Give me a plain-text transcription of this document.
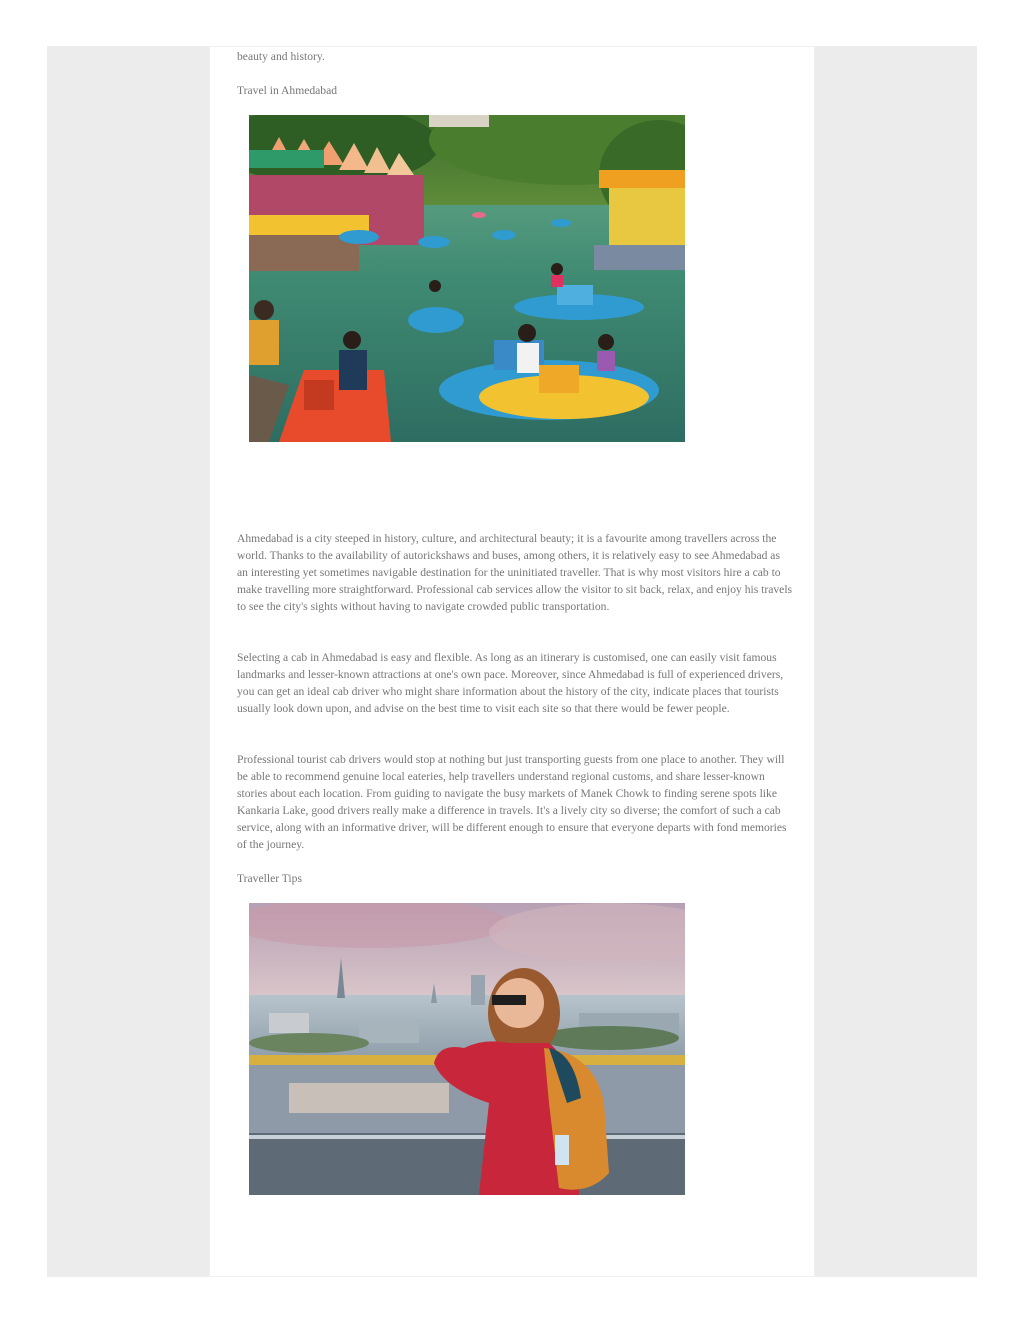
beauty and history.

Travel in Ahmedabad

Ahmedabad is a city steeped in history, culture, and architectural beauty; it is a favourite among travellers across the world. Thanks to the availability of autorickshaws and buses, among others, it is relatively easy to see Ahmedabad as an interesting yet sometimes navigable destination for the uninitiated traveller. That is why most visitors hire a cab to make travelling more straightforward. Professional cab services allow the visitor to sit back, relax, and enjoy his travels to see the city's sights without having to navigate crowded public transportation.

Selecting a cab in Ahmedabad is easy and flexible. As long as an itinerary is customised, one can easily visit famous landmarks and lesser-known attractions at one's own pace. Moreover, since Ahmedabad is full of experienced drivers, you can get an ideal cab driver who might share information about the history of the city, indicate places that tourists usually look down upon, and advise on the best time to visit each site so that there would be fewer people.

Professional tourist cab drivers would stop at nothing but just transporting guests from one place to another. They will be able to recommend genuine local eateries, help travellers understand regional customs, and share lesser-known stories about each location. From guiding to navigate the busy markets of Manek Chowk to finding serene spots like Kankaria Lake, good drivers really make a difference in travels. It's a lively city so diverse; the comfort of such a cab service, along with an informative driver, will be different enough to ensure that everyone departs with fond memories of the journey.

Traveller Tips
